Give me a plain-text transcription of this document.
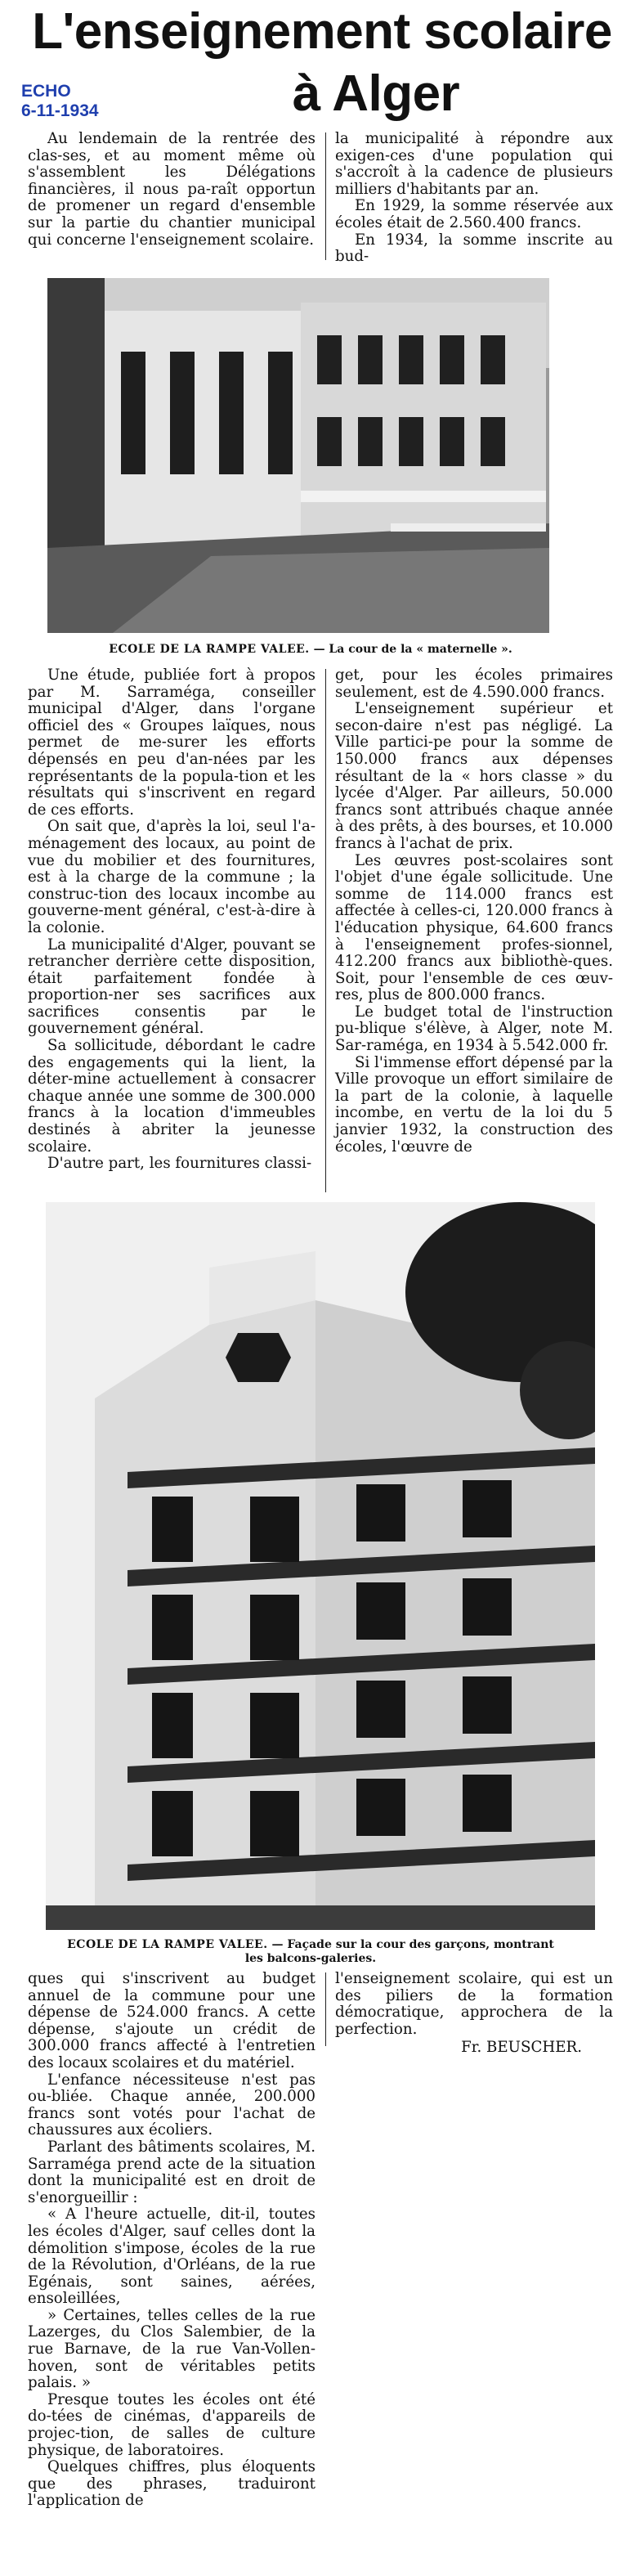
ECHO
6-11-1934
L'enseignement scolaire
à Alger

Au lendemain de la rentrée des clas-ses, et au moment même où s'assemblent les Délégations financières, il nous pa-raît opportun de promener un regard d'ensemble sur la partie du chantier municipal qui concerne l'enseignement scolaire.

la municipalité à répondre aux exigen-ces d'une population qui s'accroît à la cadence de plusieurs milliers d'habitants par an.

En 1929, la somme réservée aux écoles était de 2.560.400 francs.

En 1934, la somme inscrite au bud-

ECOLE DE LA RAMPE VALEE. — La cour de la « maternelle ».

Une étude, publiée fort à propos par M. Sarraméga, conseiller municipal d'Alger, dans l'organe officiel des « Groupes laïques, nous permet de me-surer les efforts dépensés en peu d'an-nées par les représentants de la popula-tion et les résultats qui s'inscrivent en regard de ces efforts.

On sait que, d'après la loi, seul l'a-ménagement des locaux, au point de vue du mobilier et des fournitures, est à la charge de la commune ; la construc-tion des locaux incombe au gouverne-ment général, c'est-à-dire à la colonie.

La municipalité d'Alger, pouvant se retrancher derrière cette disposition, était parfaitement fondée à proportion-ner ses sacrifices aux sacrifices consentis par le gouvernement général.

Sa sollicitude, débordant le cadre des engagements qui la lient, la déter-mine actuellement à consacrer chaque année une somme de 300.000 francs à la location d'immeubles destinés à abriter la jeunesse scolaire.

D'autre part, les fournitures classi-

get, pour les écoles primaires seulement, est de 4.590.000 francs.

L'enseignement supérieur et secon-daire n'est pas négligé. La Ville partici-pe pour la somme de 150.000 francs aux dépenses résultant de la « hors classe » du lycée d'Alger. Par ailleurs, 50.000 francs sont attribués chaque année à des prêts, à des bourses, et 10.000 francs à l'achat de prix.

Les œuvres post-scolaires sont l'objet d'une égale sollicitude. Une somme de 114.000 francs est affectée à celles-ci, 120.000 francs à l'éducation physique, 64.600 francs à l'enseignement profes-sionnel, 412.200 francs aux bibliothè-ques. Soit, pour l'ensemble de ces œuv-res, plus de 800.000 francs.

Le budget total de l'instruction pu-blique s'élève, à Alger, note M. Sar-raméga, en 1934 à 5.542.000 fr.

Si l'immense effort dépensé par la Ville provoque un effort similaire de la part de la colonie, à laquelle incombe, en vertu de la loi du 5 janvier 1932, la construction des écoles, l'œuvre de

ECOLE DE LA RAMPE VALEE. — Façade sur la cour des garçons, montrant
les balcons-galeries.

ques qui s'inscrivent au budget annuel de la commune pour une dépense de 524.000 francs. A cette dépense, s'ajoute un crédit de 300.000 francs affecté à l'entretien des locaux scolaires et du matériel.

L'enfance nécessiteuse n'est pas ou-bliée. Chaque année, 200.000 francs sont votés pour l'achat de chaussures aux écoliers.

Parlant des bâtiments scolaires, M. Sarraméga prend acte de la situation dont la municipalité est en droit de s'enorgueillir :

« A l'heure actuelle, dit-il, toutes les écoles d'Alger, sauf celles dont la démolition s'impose, écoles de la rue de la Révolution, d'Orléans, de la rue Egénais, sont saines, aérées, ensoleillées,

» Certaines, telles celles de la rue Lazerges, du Clos Salembier, de la rue Barnave, de la rue Van-Vollen-hoven, sont de véritables petits palais. »

Presque toutes les écoles ont été do-tées de cinémas, d'appareils de projec-tion, de salles de culture physique, de laboratoires.

Quelques chiffres, plus éloquents que des phrases, traduiront l'application de

l'enseignement scolaire, qui est un des piliers de la formation démocratique, approchera de la perfection.

Fr. BEUSCHER.
